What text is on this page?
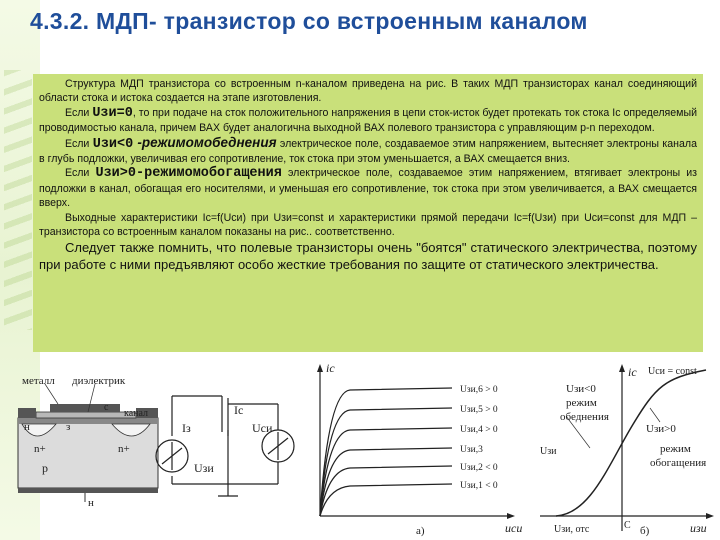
4.3.2. МДП- транзистор со встроенным каналом

Структура МДП транзистора со встроенным n-каналом приведена на рис. В таких МДП транзисторах канал соединяющий области стока и истока создается на этапе изготовления.

Если Uзи=0, то при подаче на сток положительного напряжения в цепи сток-исток будет протекать ток стока Iс определяемый проводимостью канала, причем ВАХ будет аналогична выходной ВАХ полевого транзистора с управляющим p-n переходом.

Если Uзи<0 -режимомобеднения электрическое поле, создаваемое этим напряжением, вытесняет электроны канала в глубь подложки, увеличивая его сопротивление, ток стока при этом уменьшается, а ВАХ смещается вниз.

Если Uзи>0-режимомобогащения электрическое поле, создаваемое этим напряжением, втягивает электроны из подложки в канал, обогащая его носителями, и уменьшая его сопротивление, ток стока при этом увеличивается, а ВАХ смещается вверх.

Выходные характеристики Iс=f(Uси) при Uзи=const и характеристики прямой передачи Iс=f(Uзи) при Uси=const для МДП – транзистора со встроенным каналом показаны на рис.. соответственно.

Следует также помнить, что полевые транзисторы очень "боятся" статического электричества, поэтому при работе с ними предъявляют особо жесткие требования по защите от статического электричества.

металл диэлектрик
канал
с
н	з
n+	n+
p
н
Iз
Iс
Uси
Uзи
Uзи,6 > 0
Uзи,5 > 0
Uзи,4 > 0
Uзи,3
Uзи,2 < 0
Uзи,1 < 0
iс
uси
а)
iс Uси = const
Uзи<0
режим
обеднения
Uзи>0
режим
обогащения
Uзи
uзи
Uзи, отс	С б)
